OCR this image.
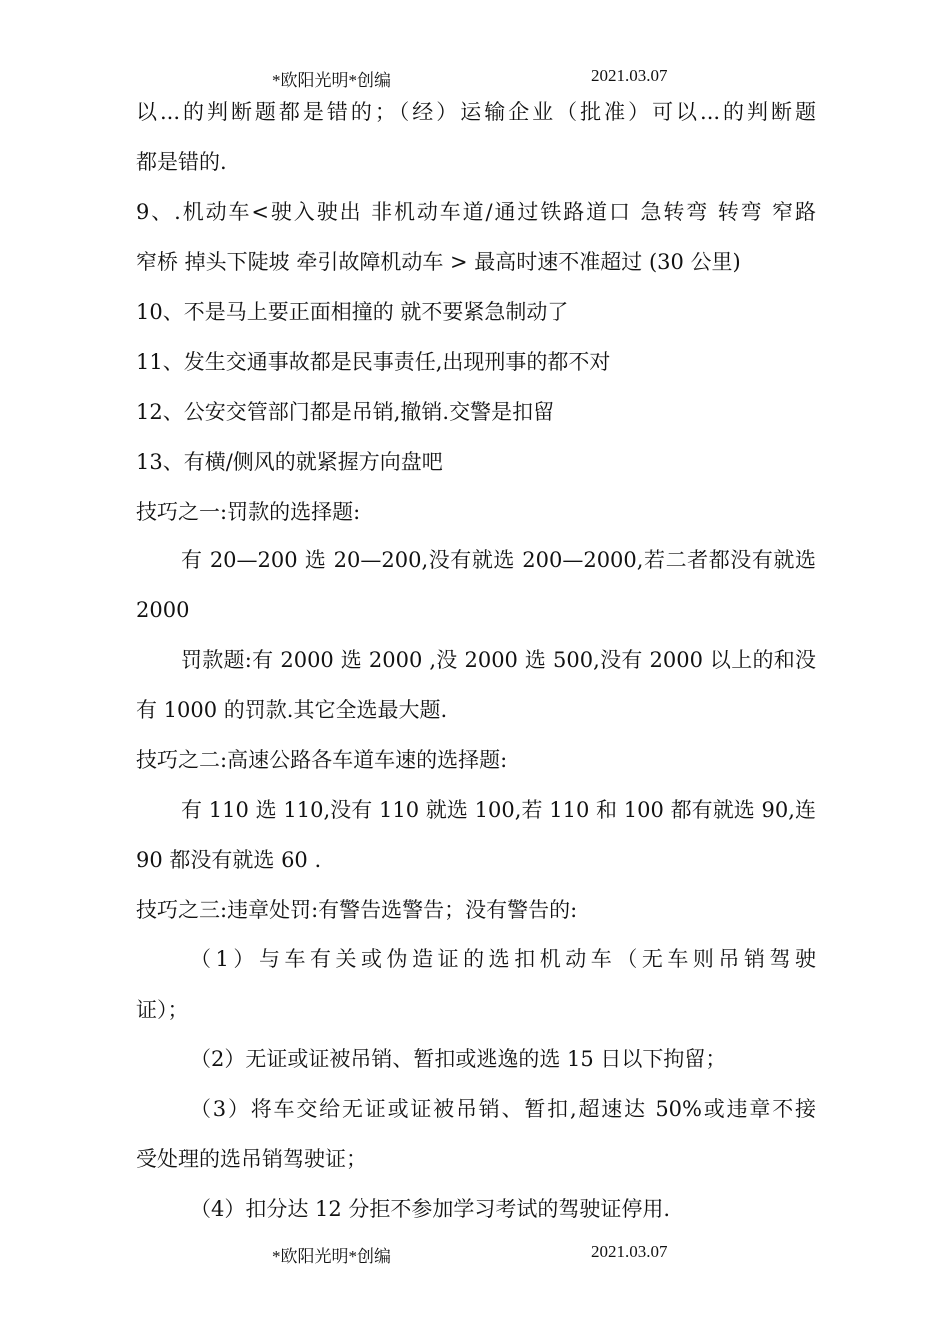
*欧阳光明*创编	2021.03.07
以...的判断题都是错的；（经）运输企业（批准）可以...的判断题
都是错的.
9、.机动车<驶入驶出 非机动车道/通过铁路道口 急转弯 转弯 窄路
窄桥 掉头下陡坡 牵引故障机动车 > 最高时速不准超过 (30 公里)
10、不是马上要正面相撞的 就不要紧急制动了
11、发生交通事故都是民事责任,出现刑事的都不对
12、公安交管部门都是吊销,撤销.交警是扣留
13、有横/侧风的就紧握方向盘吧
技巧之一:罚款的选择题:
有 20—200 选 20—200,没有就选 200—2000,若二者都没有就选
2000
罚款题:有 2000 选 2000 ,没 2000 选 500,没有 2000 以上的和没
有 1000 的罚款.其它全选最大题.
技巧之二:高速公路各车道车速的选择题:
有 110 选 110,没有 110 就选 100,若 110 和 100 都有就选 90,连
90 都没有就选 60 .
技巧之三:违章处罚:有警告选警告；没有警告的:
（1）与车有关或伪造证的选扣机动车（无车则吊销驾驶
证）；
（2）无证或证被吊销、暂扣或逃逸的选 15 日以下拘留；
（3）将车交给无证或证被吊销、暂扣,超速达 50%或违章不接
受处理的选吊销驾驶证；
（4）扣分达 12 分拒不参加学习考试的驾驶证停用.
*欧阳光明*创编	2021.03.07
